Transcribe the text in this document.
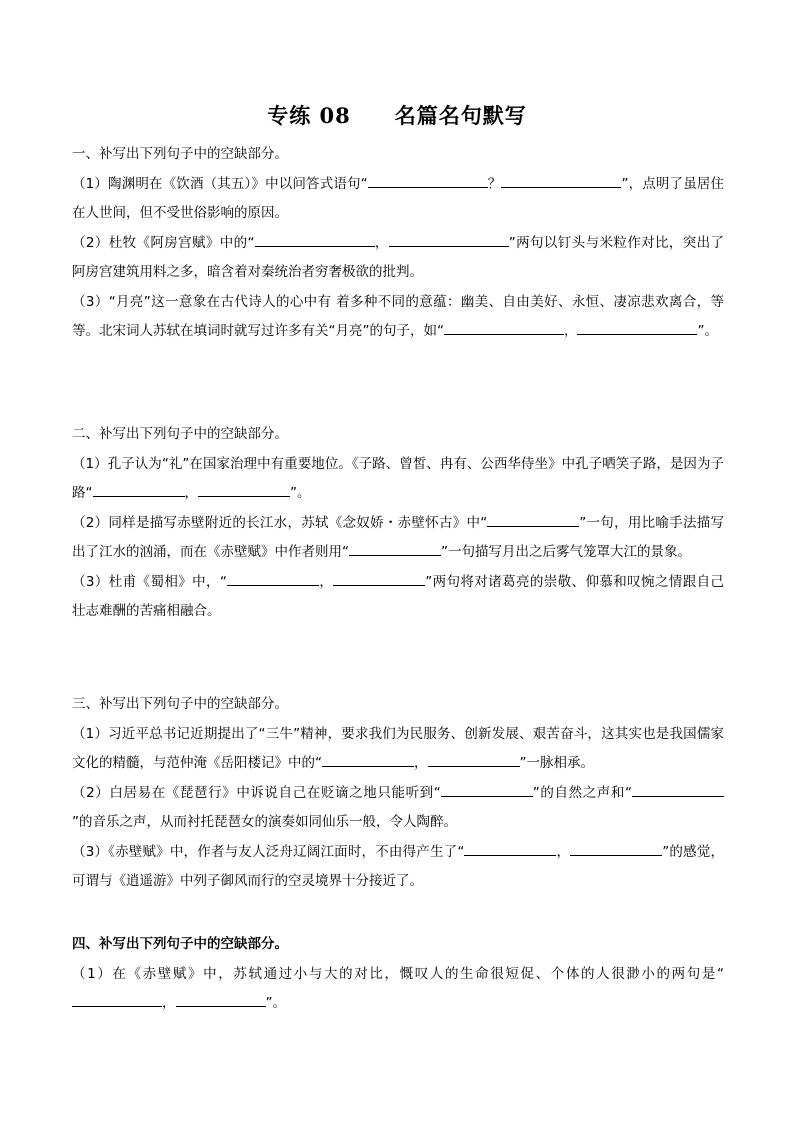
专练 08 名篇名句默写
一、补写出下列句子中的空缺部分。
（1）陶渊明在《饮酒（其五）》中以问答式语句“	？	”，点明了虽居住在人世间，但不受世俗影响的原因。
（2）杜牧《阿房宫赋》中的“	，	”两句以钉头与米粒作对比，突出了阿房宫建筑用料之多，暗含着对秦统治者穷奢极欲的批判。
（3）“月亮”这一意象在古代诗人的心中有 着多种不同的意蕴：幽美、自由美好、永恒、凄凉悲欢离合，等等。北宋词人苏轼在填词时就写过许多有关“月亮”的句子，如“	，	”。
二、补写出下列句子中的空缺部分。
（1）孔子认为“礼”在国家治理中有重要地位。《子路、曾皙、冉有、公西华侍坐》中孔子哂笑子路，是因为子路“	，	”。
（2）同样是描写赤壁附近的长江水，苏轼《念奴娇・赤壁怀古》中“	”一句，用比喻手法描写出了江水的汹涌，而在《赤壁赋》中作者则用“	”一句描写月出之后雾气笼罩大江的景象。
（3）杜甫《蜀相》中，“	，	”两句将对诸葛亮的崇敬、仰慕和叹惋之情跟自己壮志难酬的苦痛相融合。
三、补写出下列句子中的空缺部分。
（1）习近平总书记近期提出了“三牛”精神，要求我们为民服务、创新发展、艰苦奋斗，这其实也是我国儒家文化的精髓，与范仲淹《岳阳楼记》中的“	，	”一脉相承。
（2）白居易在《琵琶行》中诉说自己在贬谪之地只能听到“	”的自然之声和“”的音乐之声，从而衬托琵琶女的演奏如同仙乐一般，令人陶醉。
（3）《赤壁赋》中，作者与友人泛舟辽阔江面时，不由得产生了“	，	”的感觉，可谓与《逍遥游》中列子御风而行的空灵境界十分接近了。
四、补写出下列句子中的空缺部分。
（1）在《赤壁赋》中，苏轼通过小与大的对比，慨叹人的生命很短促、个体的人很渺小的两句是“，	”。
